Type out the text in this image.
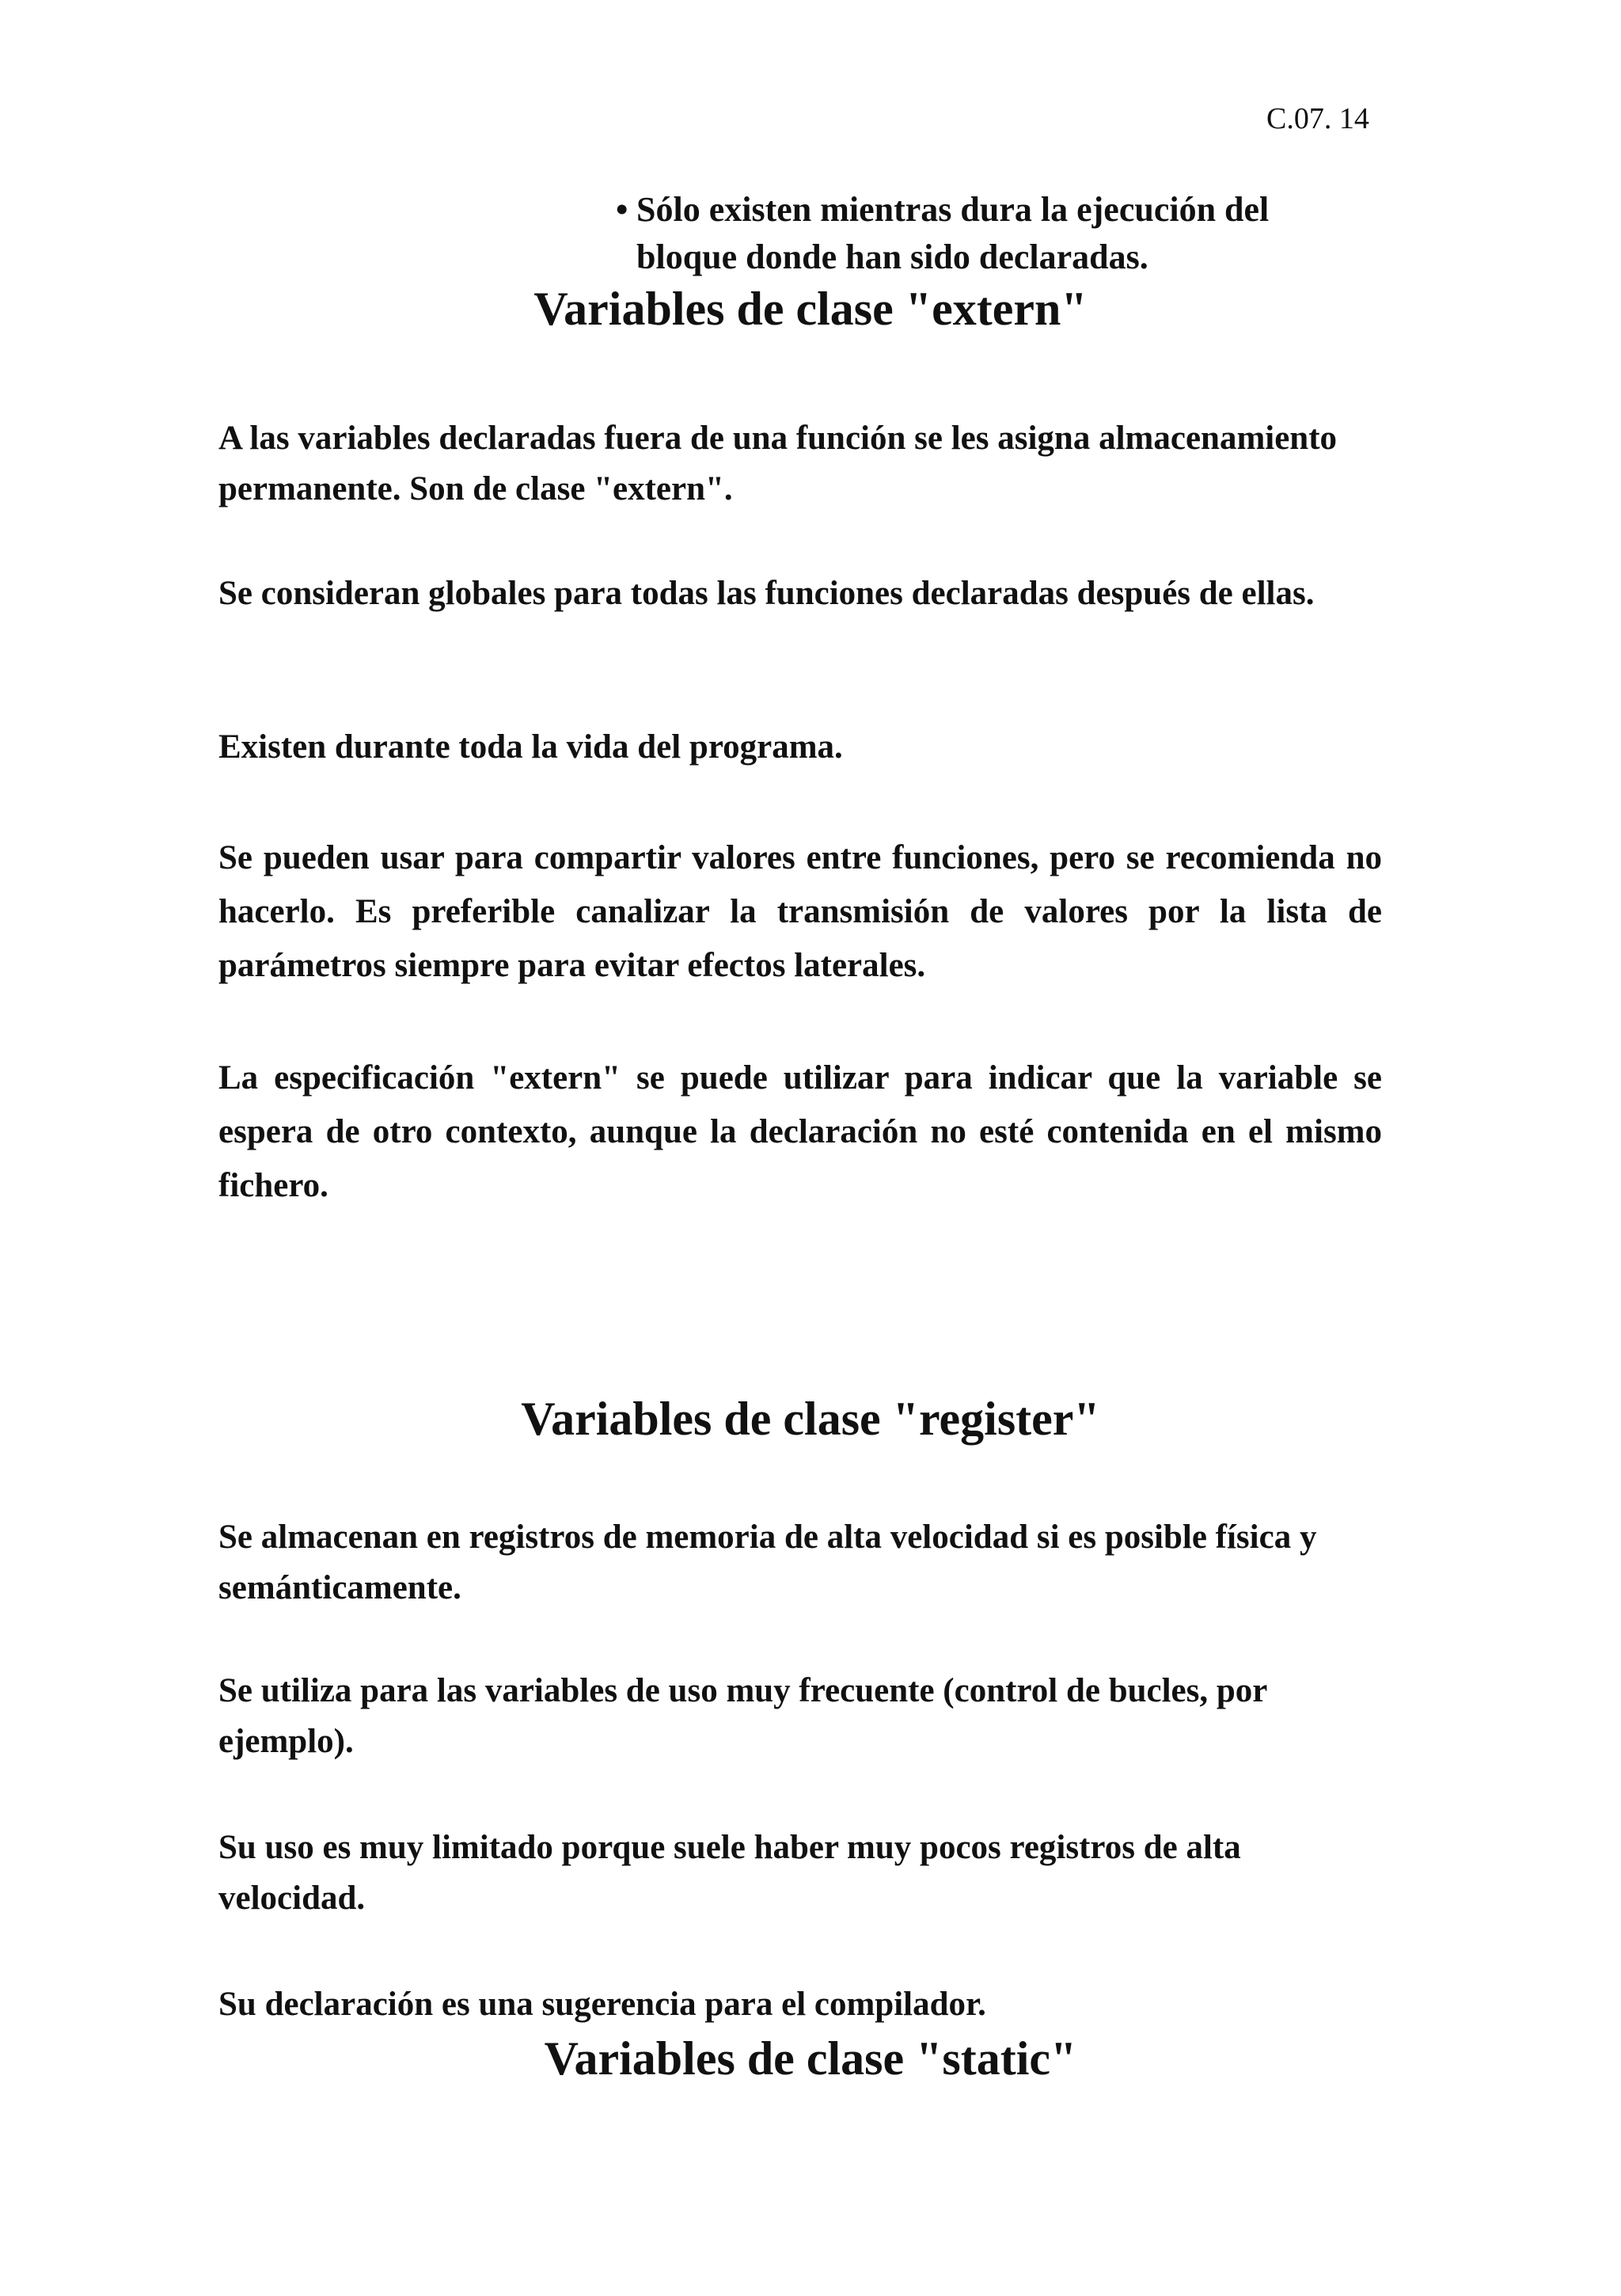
C.07. 14
• Sólo existen mientras dura la ejecución del bloque donde han sido declaradas.
Variables de clase "extern"
A las variables declaradas fuera de una función se les asigna almacenamiento permanente. Son de clase "extern".
Se consideran globales para todas las funciones declaradas después de ellas.
Existen durante toda la vida del programa.
Se pueden usar para compartir valores entre funciones, pero se recomienda no hacerlo. Es preferible canalizar la transmisión de valores por la lista de parámetros siempre para evitar efectos laterales.
La especificación "extern" se puede utilizar para indicar que la variable se espera de otro contexto, aunque la declaración no esté contenida en el mismo fichero.
Variables de clase "register"
Se almacenan en registros de memoria de alta velocidad si es posible física y semánticamente.
Se utiliza para las variables de uso muy frecuente (control de bucles, por ejemplo).
Su uso es muy limitado porque suele haber muy pocos registros de alta velocidad.
Su declaración es una sugerencia para el compilador.
Variables de clase "static"
